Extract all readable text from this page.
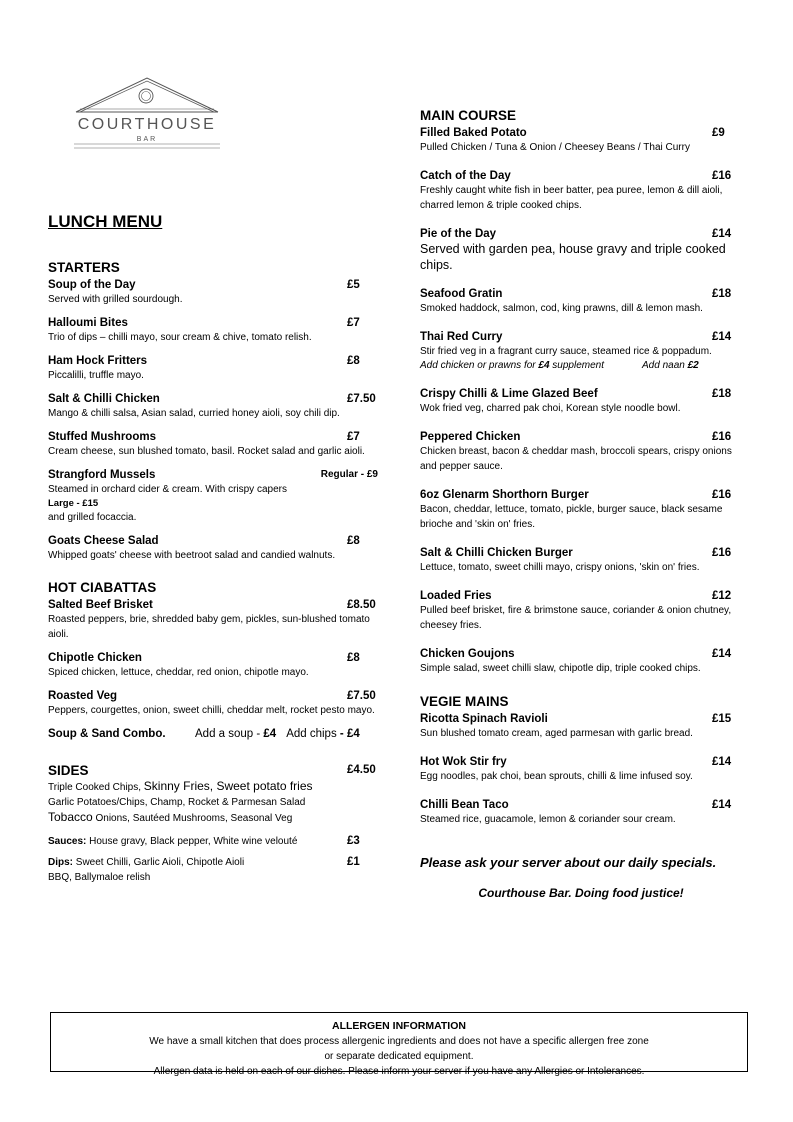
COURTHOUSE
BAR
LUNCH MENU
STARTERS
Soup of the Day	£5
Served with grilled sourdough.
Halloumi Bites	£7
Trio of dips – chilli mayo, sour cream & chive, tomato relish.
Ham Hock Fritters	£8
Piccalilli, truffle mayo.
Salt & Chilli Chicken	£7.50
Mango & chilli salsa, Asian salad, curried honey aioli, soy chili dip.
Stuffed Mushrooms	£7
Cream cheese, sun blushed tomato, basil. Rocket salad and garlic aioli.
Strangford Mussels	Regular - £9
Steamed in orchard cider & cream. With crispy capers
Large - £15
and grilled focaccia.
Goats Cheese Salad	£8
Whipped goats' cheese with beetroot salad and candied walnuts.
HOT CIABATTAS
Salted Beef Brisket	£8.50
Roasted peppers, brie, shredded baby gem, pickles, sun-blushed tomato aioli.
Chipotle Chicken	£8
Spiced chicken, lettuce, cheddar, red onion, chipotle mayo.
Roasted Veg	£7.50
Peppers, courgettes, onion, sweet chilli, cheddar melt, rocket pesto mayo.
Soup & Sand Combo.	Add a soup - £4 Add chips - £4
SIDES	£4.50
Triple Cooked Chips, Skinny Fries, Sweet potato fries
Garlic Potatoes/Chips, Champ, Rocket & Parmesan Salad
Tobacco Onions, Sautéed Mushrooms, Seasonal Veg
Sauces: House gravy, Black pepper, White wine velouté	£3
Dips: Sweet Chilli, Garlic Aioli, Chipotle Aioli	£1
BBQ, Ballymaloe relish
MAIN COURSE
Filled Baked Potato	£9
Pulled Chicken / Tuna & Onion / Cheesey Beans / Thai Curry
Catch of the Day	£16
Freshly caught white fish in beer batter, pea puree, lemon & dill aioli, charred lemon & triple cooked chips.
Pie of the Day	£14
Served with garden pea, house gravy and triple cooked chips.
Seafood Gratin	£18
Smoked haddock, salmon, cod, king prawns, dill & lemon mash.
Thai Red Curry	£14
Stir fried veg in a fragrant curry sauce, steamed rice & poppadum.
Add chicken or prawns for £4 supplement	Add naan £2
Crispy Chilli & Lime Glazed Beef	£18
Wok fried veg, charred pak choi, Korean style noodle bowl.
Peppered Chicken	£16
Chicken breast, bacon & cheddar mash, broccoli spears, crispy onions and pepper sauce.
6oz Glenarm Shorthorn Burger	£16
Bacon, cheddar, lettuce, tomato, pickle, burger sauce, black sesame brioche and 'skin on' fries.
Salt & Chilli Chicken Burger	£16
Lettuce, tomato, sweet chilli mayo, crispy onions, 'skin on' fries.
Loaded Fries	£12
Pulled beef brisket, fire & brimstone sauce, coriander & onion chutney, cheesey fries.
Chicken Goujons	£14
Simple salad, sweet chilli slaw, chipotle dip, triple cooked chips.
VEGIE MAINS
Ricotta Spinach Ravioli	£15
Sun blushed tomato cream, aged parmesan with garlic bread.
Hot Wok Stir fry	£14
Egg noodles, pak choi, bean sprouts, chilli & lime infused soy.
Chilli Bean Taco	£14
Steamed rice, guacamole, lemon & coriander sour cream.
Please ask your server about our daily specials.
Courthouse Bar. Doing food justice!
ALLERGEN INFORMATION
We have a small kitchen that does process allergenic ingredients and does not have a specific allergen free zone
or separate dedicated equipment.
Allergen data is held on each of our dishes. Please inform your server if you have any Allergies or Intolerances.
